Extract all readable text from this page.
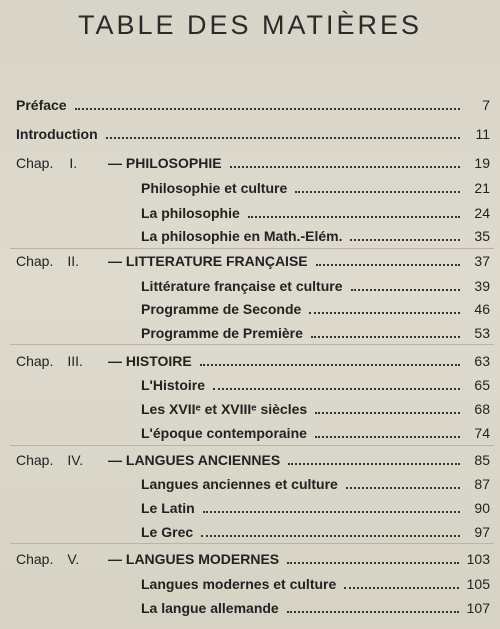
TABLE DES MATIÈRES
Préface	7
Introduction	11
Chap. I.	— PHILOSOPHIE	19
Philosophie et culture	21
La philosophie	24
La philosophie en Math.-Elém.	35
Chap. II.	— LITTERATURE FRANÇAISE	37
Littérature française et culture	39
Programme de Seconde	46
Programme de Première	53
Chap. III.	— HISTOIRE	63
L'Histoire	65
Les XVIIᵉ et XVIIIᵉ siècles	68
L'époque contemporaine	74
Chap. IV.	— LANGUES ANCIENNES	85
Langues anciennes et culture	87
Le Latin	90
Le Grec	97
Chap. V.	— LANGUES MODERNES	103
Langues modernes et culture	105
La langue allemande	107
